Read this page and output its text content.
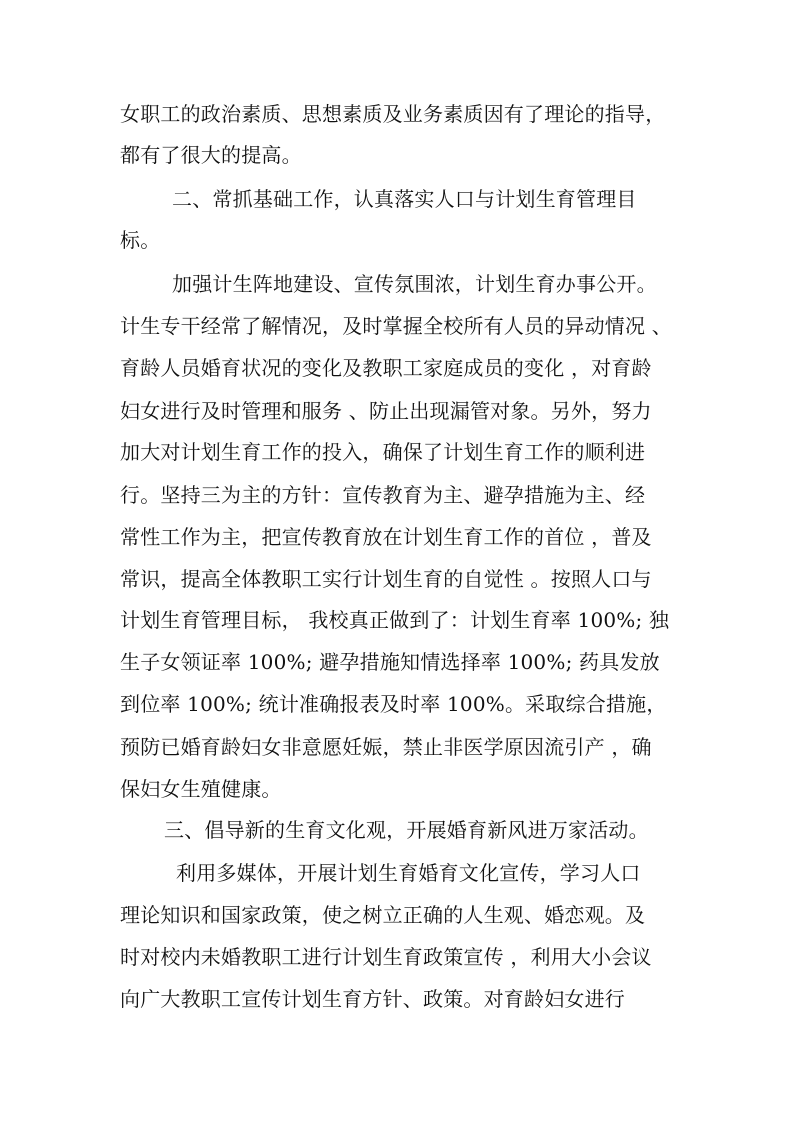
女职工的政治素质、思想素质及业务素质因有了理论的指导，
都有了很大的提高。
二、常抓基础工作，认真落实人口与计划生育管理目
标。
加强计生阵地建设、宣传氛围浓，计划生育办事公开。
计生专干经常了解情况，及时掌握全校所有人员的异动情况 、
育龄人员婚育状况的变化及教职工家庭成员的变化 ，对育龄
妇女进行及时管理和服务 、防止出现漏管对象。另外，努力
加大对计划生育工作的投入，确保了计划生育工作的顺利进
行。坚持三为主的方针：宣传教育为主、避孕措施为主、经
常性工作为主，把宣传教育放在计划生育工作的首位 ，普及
常识，提高全体教职工实行计划生育的自觉性 。按照人口与
计划生育管理目标， 我校真正做到了：计划生育率 100%; 独
生子女领证率 100%; 避孕措施知情选择率 100%; 药具发放
到位率 100%; 统计准确报表及时率 100%。采取综合措施，
预防已婚育龄妇女非意愿妊娠，禁止非医学原因流引产 ，确
保妇女生殖健康。
三、倡导新的生育文化观，开展婚育新风进万家活动。
利用多媒体，开展计划生育婚育文化宣传，学习人口
理论知识和国家政策，使之树立正确的人生观、婚恋观。及
时对校内未婚教职工进行计划生育政策宣传 ，利用大小会议
向广大教职工宣传计划生育方针、政策。对育龄妇女进行
